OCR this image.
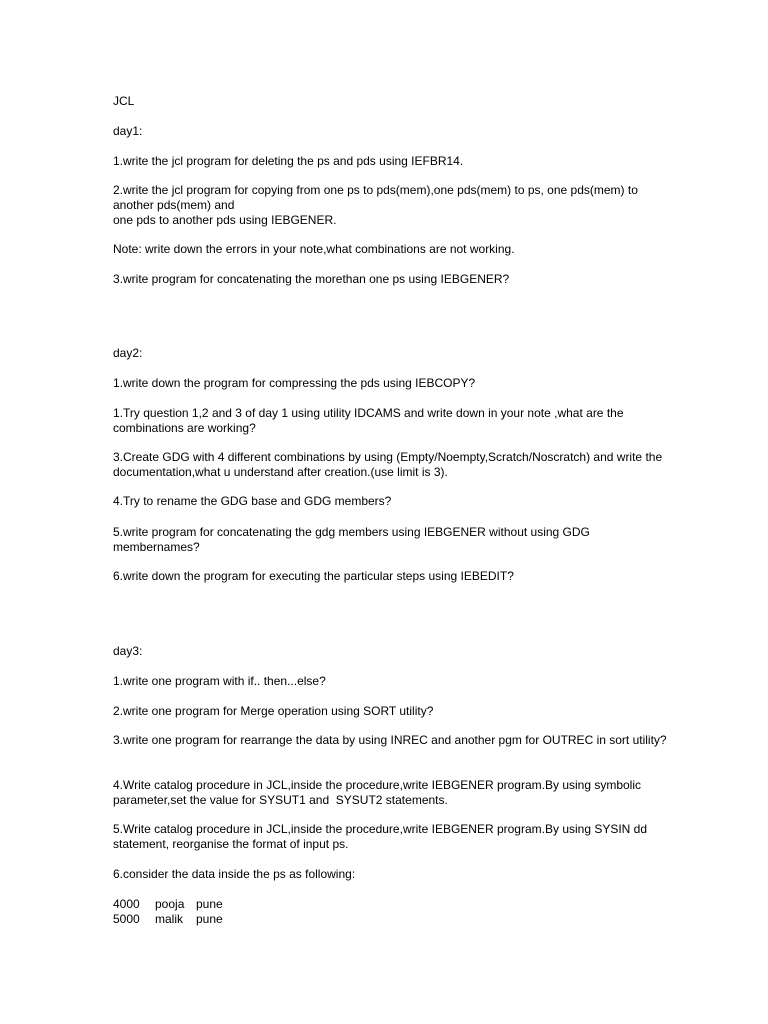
JCL
day1:
1.write the jcl program for deleting the ps and pds using IEFBR14.
2.write the jcl program for copying from one ps to pds(mem),one pds(mem) to ps, one pds(mem) to another pds(mem) and
one pds to another pds using IEBGENER.
Note: write down the errors in your note,what combinations are not working.
3.write program for concatenating the morethan one ps using IEBGENER?
day2:
1.write down the program for compressing the pds using IEBCOPY?
1.Try question 1,2 and 3 of day 1 using utility IDCAMS and write down in your note ,what are the combinations are working?
3.Create GDG with 4 different combinations by using (Empty/Noempty,Scratch/Noscratch) and write the documentation,what u understand after creation.(use limit is 3).
4.Try to rename the GDG base and GDG members?
5.write program for concatenating the gdg members using IEBGENER without using GDG membernames?
6.write down the program for executing the particular steps using IEBEDIT?
day3:
1.write one program with if.. then...else?
2.write one program for Merge operation using SORT utility?
3.write one program for rearrange the data by using INREC and another pgm for OUTREC in sort utility?
4.Write catalog procedure in JCL,inside the procedure,write IEBGENER program.By using symbolic parameter,set the value for SYSUT1 and  SYSUT2 statements.
5.Write catalog procedure in JCL,inside the procedure,write IEBGENER program.By using SYSIN dd statement, reorganise the format of input ps.
6.consider the data inside the ps as following:
4000 pooja pune
5000 malik pune
